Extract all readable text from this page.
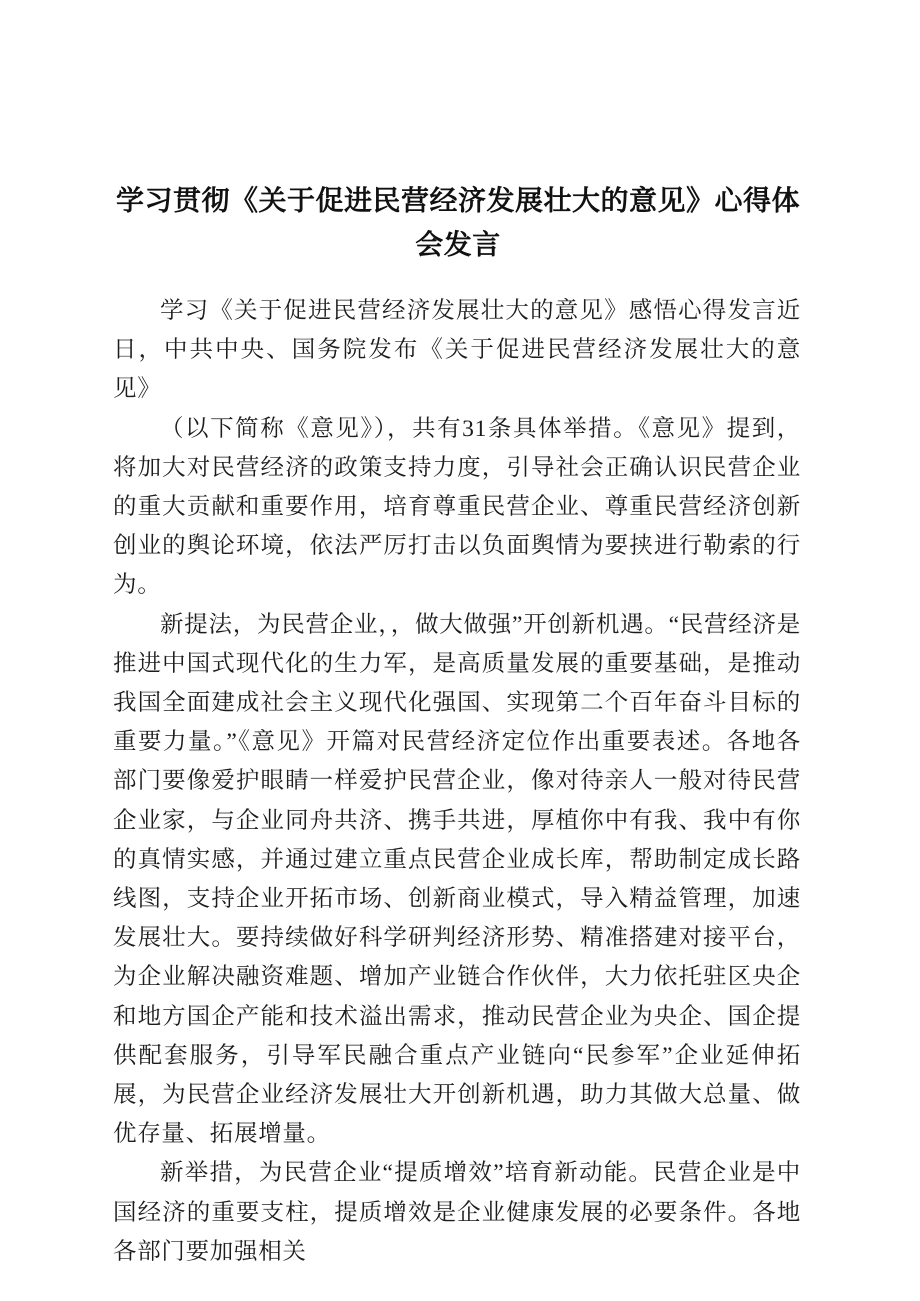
学习贯彻《关于促进民营经济发展壮大的意见》心得体会发言

学习《关于促进民营经济发展壮大的意见》感悟心得发言近日，中共中央、国务院发布《关于促进民营经济发展壮大的意见》

（以下简称《意见》），共有31条具体举措。《意见》提到，将加大对民营经济的政策支持力度，引导社会正确认识民营企业的重大贡献和重要作用，培育尊重民营企业、尊重民营经济创新创业的舆论环境，依法严厉打击以负面舆情为要挟进行勒索的行为。

新提法，为民营企业，，做大做强”开创新机遇。“民营经济是推进中国式现代化的生力军，是高质量发展的重要基础，是推动我国全面建成社会主义现代化强国、实现第二个百年奋斗目标的重要力量。”《意见》开篇对民营经济定位作出重要表述。各地各部门要像爱护眼睛一样爱护民营企业，像对待亲人一般对待民营企业家，与企业同舟共济、携手共进，厚植你中有我、我中有你的真情实感，并通过建立重点民营企业成长库，帮助制定成长路线图，支持企业开拓市场、创新商业模式，导入精益管理，加速发展壮大。要持续做好科学研判经济形势、精准搭建对接平台，为企业解决融资难题、增加产业链合作伙伴，大力依托驻区央企和地方国企产能和技术溢出需求，推动民营企业为央企、国企提供配套服务，引导军民融合重点产业链向“民参军”企业延伸拓展，为民营企业经济发展壮大开创新机遇，助力其做大总量、做优存量、拓展增量。

新举措，为民营企业“提质增效”培育新动能。民营企业是中国经济的重要支柱，提质增效是企业健康发展的必要条件。各地各部门要加强相关
